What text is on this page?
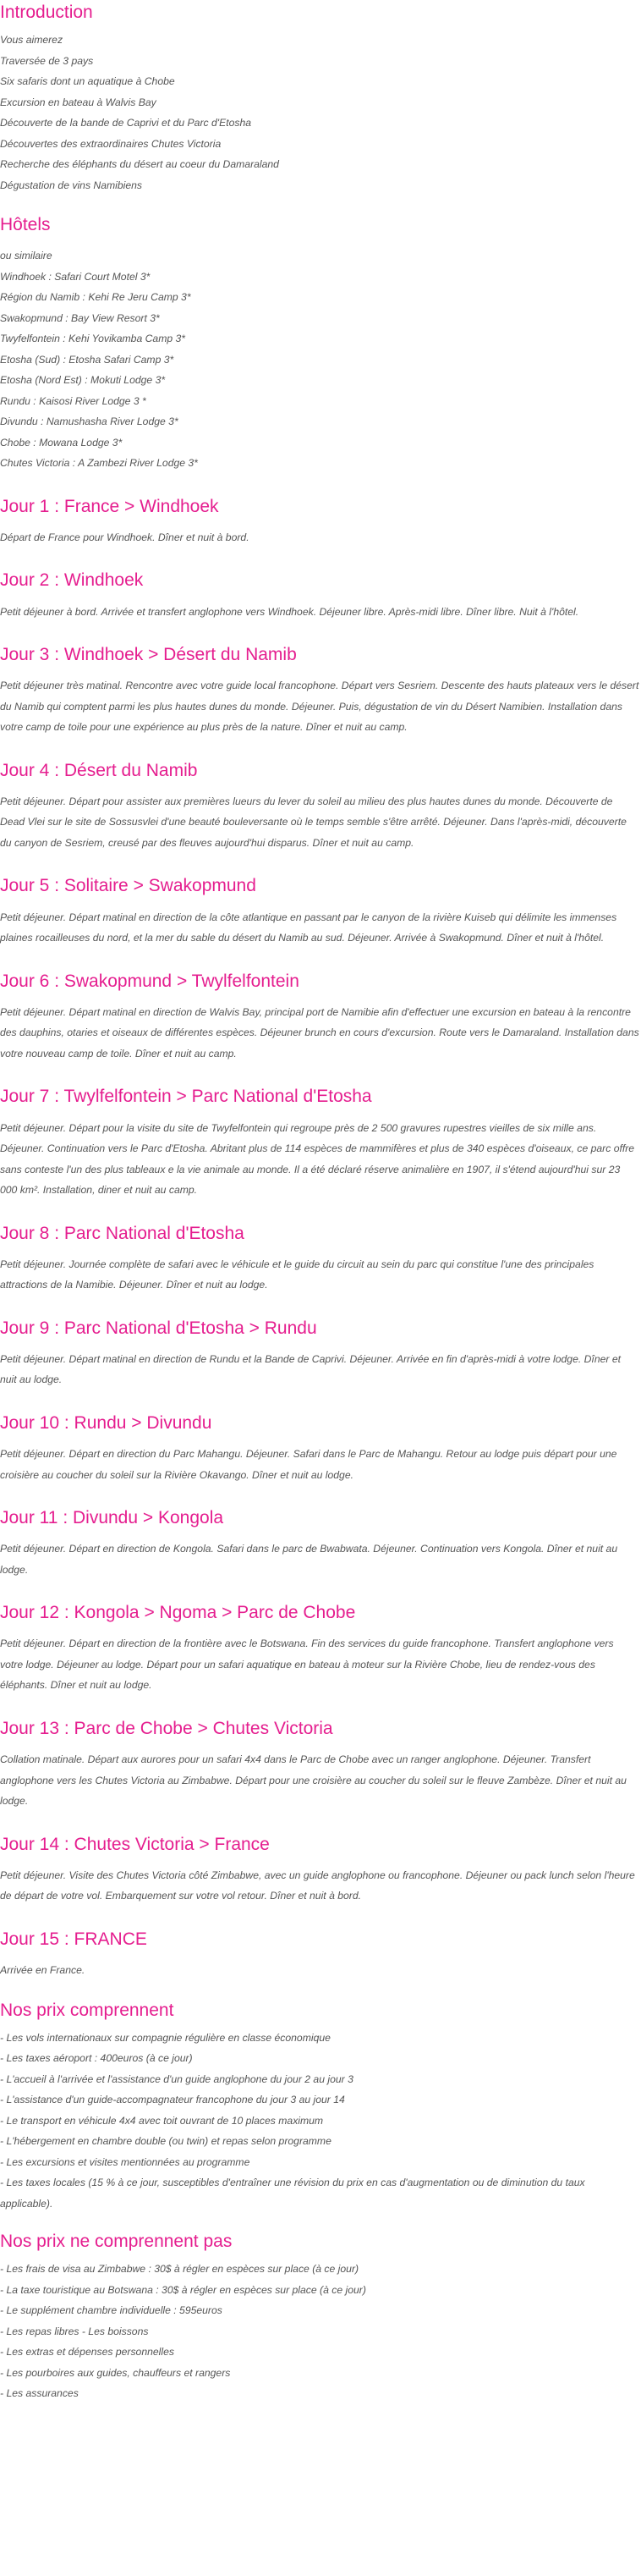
Introduction
Vous aimerez
Traversée de 3 pays
Six safaris dont un aquatique à Chobe
Excursion en bateau à Walvis Bay
Découverte de la bande de Caprivi et du Parc d'Etosha
Découvertes des extraordinaires Chutes Victoria
Recherche des éléphants du désert au coeur du Damaraland
Dégustation de vins Namibiens
Hôtels
ou similaire
Windhoek : Safari Court Motel 3*
Région du Namib : Kehi Re Jeru Camp 3*
Swakopmund : Bay View Resort 3*
Twyfelfontein : Kehi Yovikamba Camp 3*
Etosha (Sud) : Etosha Safari Camp 3*
Etosha (Nord Est) : Mokuti Lodge 3*
Rundu : Kaisosi River Lodge 3 *
Divundu : Namushasha River Lodge 3*
Chobe : Mowana Lodge 3*
Chutes Victoria : A Zambezi River Lodge 3*
Jour 1 : France > Windhoek

Départ de France pour Windhoek. Dîner et nuit à bord.

Jour 2 : Windhoek

Petit déjeuner à bord. Arrivée et transfert anglophone vers Windhoek. Déjeuner libre. Après-midi libre. Dîner libre. Nuit à l'hôtel.

Jour 3 : Windhoek > Désert du Namib

Petit déjeuner très matinal. Rencontre avec votre guide local francophone. Départ vers Sesriem. Descente des hauts plateaux vers le désert du Namib qui comptent parmi les plus hautes dunes du monde. Déjeuner. Puis, dégustation de vin du Désert Namibien. Installation dans votre camp de toile pour une expérience au plus près de la nature. Dîner et nuit au camp.

Jour 4 : Désert du Namib

Petit déjeuner. Départ pour assister aux premières lueurs du lever du soleil au milieu des plus hautes dunes du monde. Découverte de Dead Vlei sur le site de Sossusvlei d'une beauté bouleversante où le temps semble s'être arrêté. Déjeuner. Dans l'après-midi, découverte du canyon de Sesriem, creusé par des fleuves aujourd'hui disparus. Dîner et nuit au camp.

Jour 5 : Solitaire > Swakopmund

Petit déjeuner. Départ matinal en direction de la côte atlantique en passant par le canyon de la rivière Kuiseb qui délimite les immenses plaines rocailleuses du nord, et la mer du sable du désert du Namib au sud. Déjeuner. Arrivée à Swakopmund. Dîner et nuit à l'hôtel.

Jour 6 : Swakopmund > Twylfelfontein

Petit déjeuner. Départ matinal en direction de Walvis Bay, principal port de Namibie afin d'effectuer une excursion en bateau à la rencontre des dauphins, otaries et oiseaux de différentes espèces. Déjeuner brunch en cours d'excursion. Route vers le Damaraland. Installation dans votre nouveau camp de toile. Dîner et nuit au camp.

Jour 7 : Twylfelfontein > Parc National d'Etosha

Petit déjeuner. Départ pour la visite du site de Twyfelfontein qui regroupe près de 2 500 gravures rupestres vieilles de six mille ans. Déjeuner. Continuation vers le Parc d'Etosha. Abritant plus de 114 espèces de mammifères et plus de 340 espèces d'oiseaux, ce parc offre sans conteste l'un des plus tableaux e la vie animale au monde. Il a été déclaré réserve animalière en 1907, il s'étend aujourd'hui sur 23 000 km². Installation, diner et nuit au camp.

Jour 8 : Parc National d'Etosha

Petit déjeuner. Journée complète de safari avec le véhicule et le guide du circuit au sein du parc qui constitue l'une des principales attractions de la Namibie. Déjeuner. Dîner et nuit au lodge.

Jour 9 : Parc National d'Etosha > Rundu

Petit déjeuner. Départ matinal en direction de Rundu et la Bande de Caprivi. Déjeuner. Arrivée en fin d'après-midi à votre lodge. Dîner et nuit au lodge.

Jour 10 : Rundu > Divundu

Petit déjeuner. Départ en direction du Parc Mahangu. Déjeuner. Safari dans le Parc de Mahangu. Retour au lodge puis départ pour une croisière au coucher du soleil sur la Rivière Okavango. Dîner et nuit au lodge.

Jour 11 : Divundu > Kongola

Petit déjeuner. Départ en direction de Kongola. Safari dans le parc de Bwabwata. Déjeuner. Continuation vers Kongola. Dîner et nuit au lodge.

Jour 12 : Kongola > Ngoma > Parc de Chobe

Petit déjeuner. Départ en direction de la frontière avec le Botswana. Fin des services du guide francophone. Transfert anglophone vers votre lodge. Déjeuner au lodge. Départ pour un safari aquatique en bateau à moteur sur la Rivière Chobe, lieu de rendez-vous des éléphants. Dîner et nuit au lodge.

Jour 13 : Parc de Chobe > Chutes Victoria

Collation matinale. Départ aux aurores pour un safari 4x4 dans le Parc de Chobe avec un ranger anglophone. Déjeuner. Transfert anglophone vers les Chutes Victoria au Zimbabwe. Départ pour une croisière au coucher du soleil sur le fleuve Zambèze. Dîner et nuit au lodge.

Jour 14 : Chutes Victoria > France

Petit déjeuner. Visite des Chutes Victoria côté Zimbabwe, avec un guide anglophone ou francophone. Déjeuner ou pack lunch selon l'heure de départ de votre vol. Embarquement sur votre vol retour. Dîner et nuit à bord.

Jour 15 : FRANCE

Arrivée en France.

Nos prix comprennent

- Les vols internationaux sur compagnie régulière en classe économique

- Les taxes aéroport : 400euros (à ce jour)

- L'accueil à l'arrivée et l'assistance d'un guide anglophone du jour 2 au jour 3

- L'assistance d'un guide-accompagnateur francophone du jour 3 au jour 14

- Le transport en véhicule 4x4 avec toit ouvrant de 10 places maximum

- L'hébergement en chambre double (ou twin) et repas selon programme

- Les excursions et visites mentionnées au programme

- Les taxes locales (15 % à ce jour, susceptibles d'entraîner une révision du prix en cas d'augmentation ou de diminution du taux applicable).

Nos prix ne comprennent pas

- Les frais de visa au Zimbabwe : 30$ à régler en espèces sur place (à ce jour)

- La taxe touristique au Botswana : 30$ à régler en espèces sur place (à ce jour)

- Le supplément chambre individuelle : 595euros

- Les repas libres - Les boissons

- Les extras et dépenses personnelles

- Les pourboires aux guides, chauffeurs et rangers

- Les assurances
